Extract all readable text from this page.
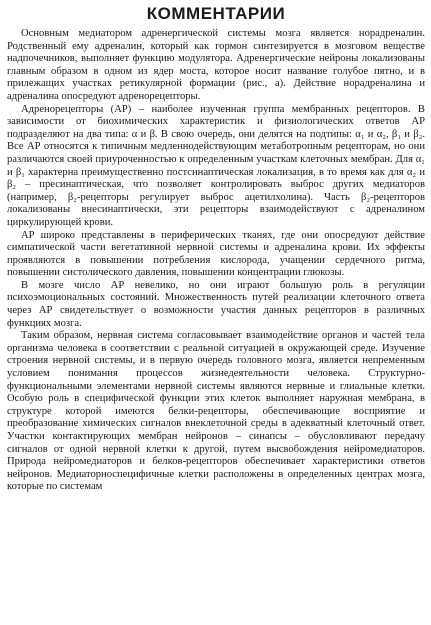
КОММЕНТАРИИ

Основным медиатором адренергической системы мозга является норадреналин. Родственный ему адреналин, который как гормон синтезируется в мозговом веществе надпочечников, выполняет функцию модулятора. Адренергические нейроны локализованы главным образом в одном из ядер моста, которое носит название голубое пятно, и в прилежащих участках ретикулярной формации (рис., а). Действие норадреналина и адреналина опосредуют адренорецепторы.

Адренорецепторы (АР) – наиболее изученная группа мембранных рецепторов. В зависимости от биохимических характеристик и физиологических ответов АР подразделяют на два типа: α и β. В свою очередь, они делятся на подтипы: α₁ и α₂, β₁ и β₂. Все АР относятся к типичным медленнодействующим метаботропным рецепторам, но они различаются своей приуроченностью к определенным участкам клеточных мембран. Для α₁ и β₁ характерна преимущественно постсинаптическая локализация, в то время как для α₂ и β₂ – пресинаптическая, что позволяет контролировать выброс других медиаторов (например, β₂-рецепторы регулирует выброс ацетилхолина). Часть β₂-рецепторов локализованы внесинаптически, эти рецепторы взаимодействуют с адреналином циркулирующей крови.

АР широко представлены в периферических тканях, где они опосредуют действие симпатической части вегетативной нервной системы и адреналина крови. Их эффекты проявляются в повышении потребления кислорода, учащении сердечного ритма, повышении систолического давления, повышении концентрации глюкозы.

В мозге число АР невелико, но они играют большую роль в регуляции психоэмоциональных состояний. Множественность путей реализации клеточного ответа через АР свидетельствует о возможности участия данных рецепторов в различных функциях мозга.

Таким образом, нервная система согласовывает взаимодействие органов и частей тела организма человека в соответствии с реальной ситуацией в окружающей среде. Изучение строения нервной системы, и в первую очередь головного мозга, является непременным условием понимания процессов жизнедеятельности человека. Структурно-функциональными элементами нервной системы являются нервные и глиальные клетки. Особую роль в специфической функции этих клеток выполняет наружная мембрана, в структуре которой имеются белки-рецепторы, обеспечивающие восприятие и преобразование химических сигналов внеклеточной среды в адекватный клеточный ответ. Участки контактирующих мембран нейронов – синапсы – обусловливают передачу сигналов от одной нервной клетки к другой, путем высвобождения нейромедиаторов. Природа нейромедиаторов и белков-рецепторов обеспечивает характеристики ответов нейронов. Медиаторноспецифичные клетки расположены в определенных центрах мозга, которые по системам
